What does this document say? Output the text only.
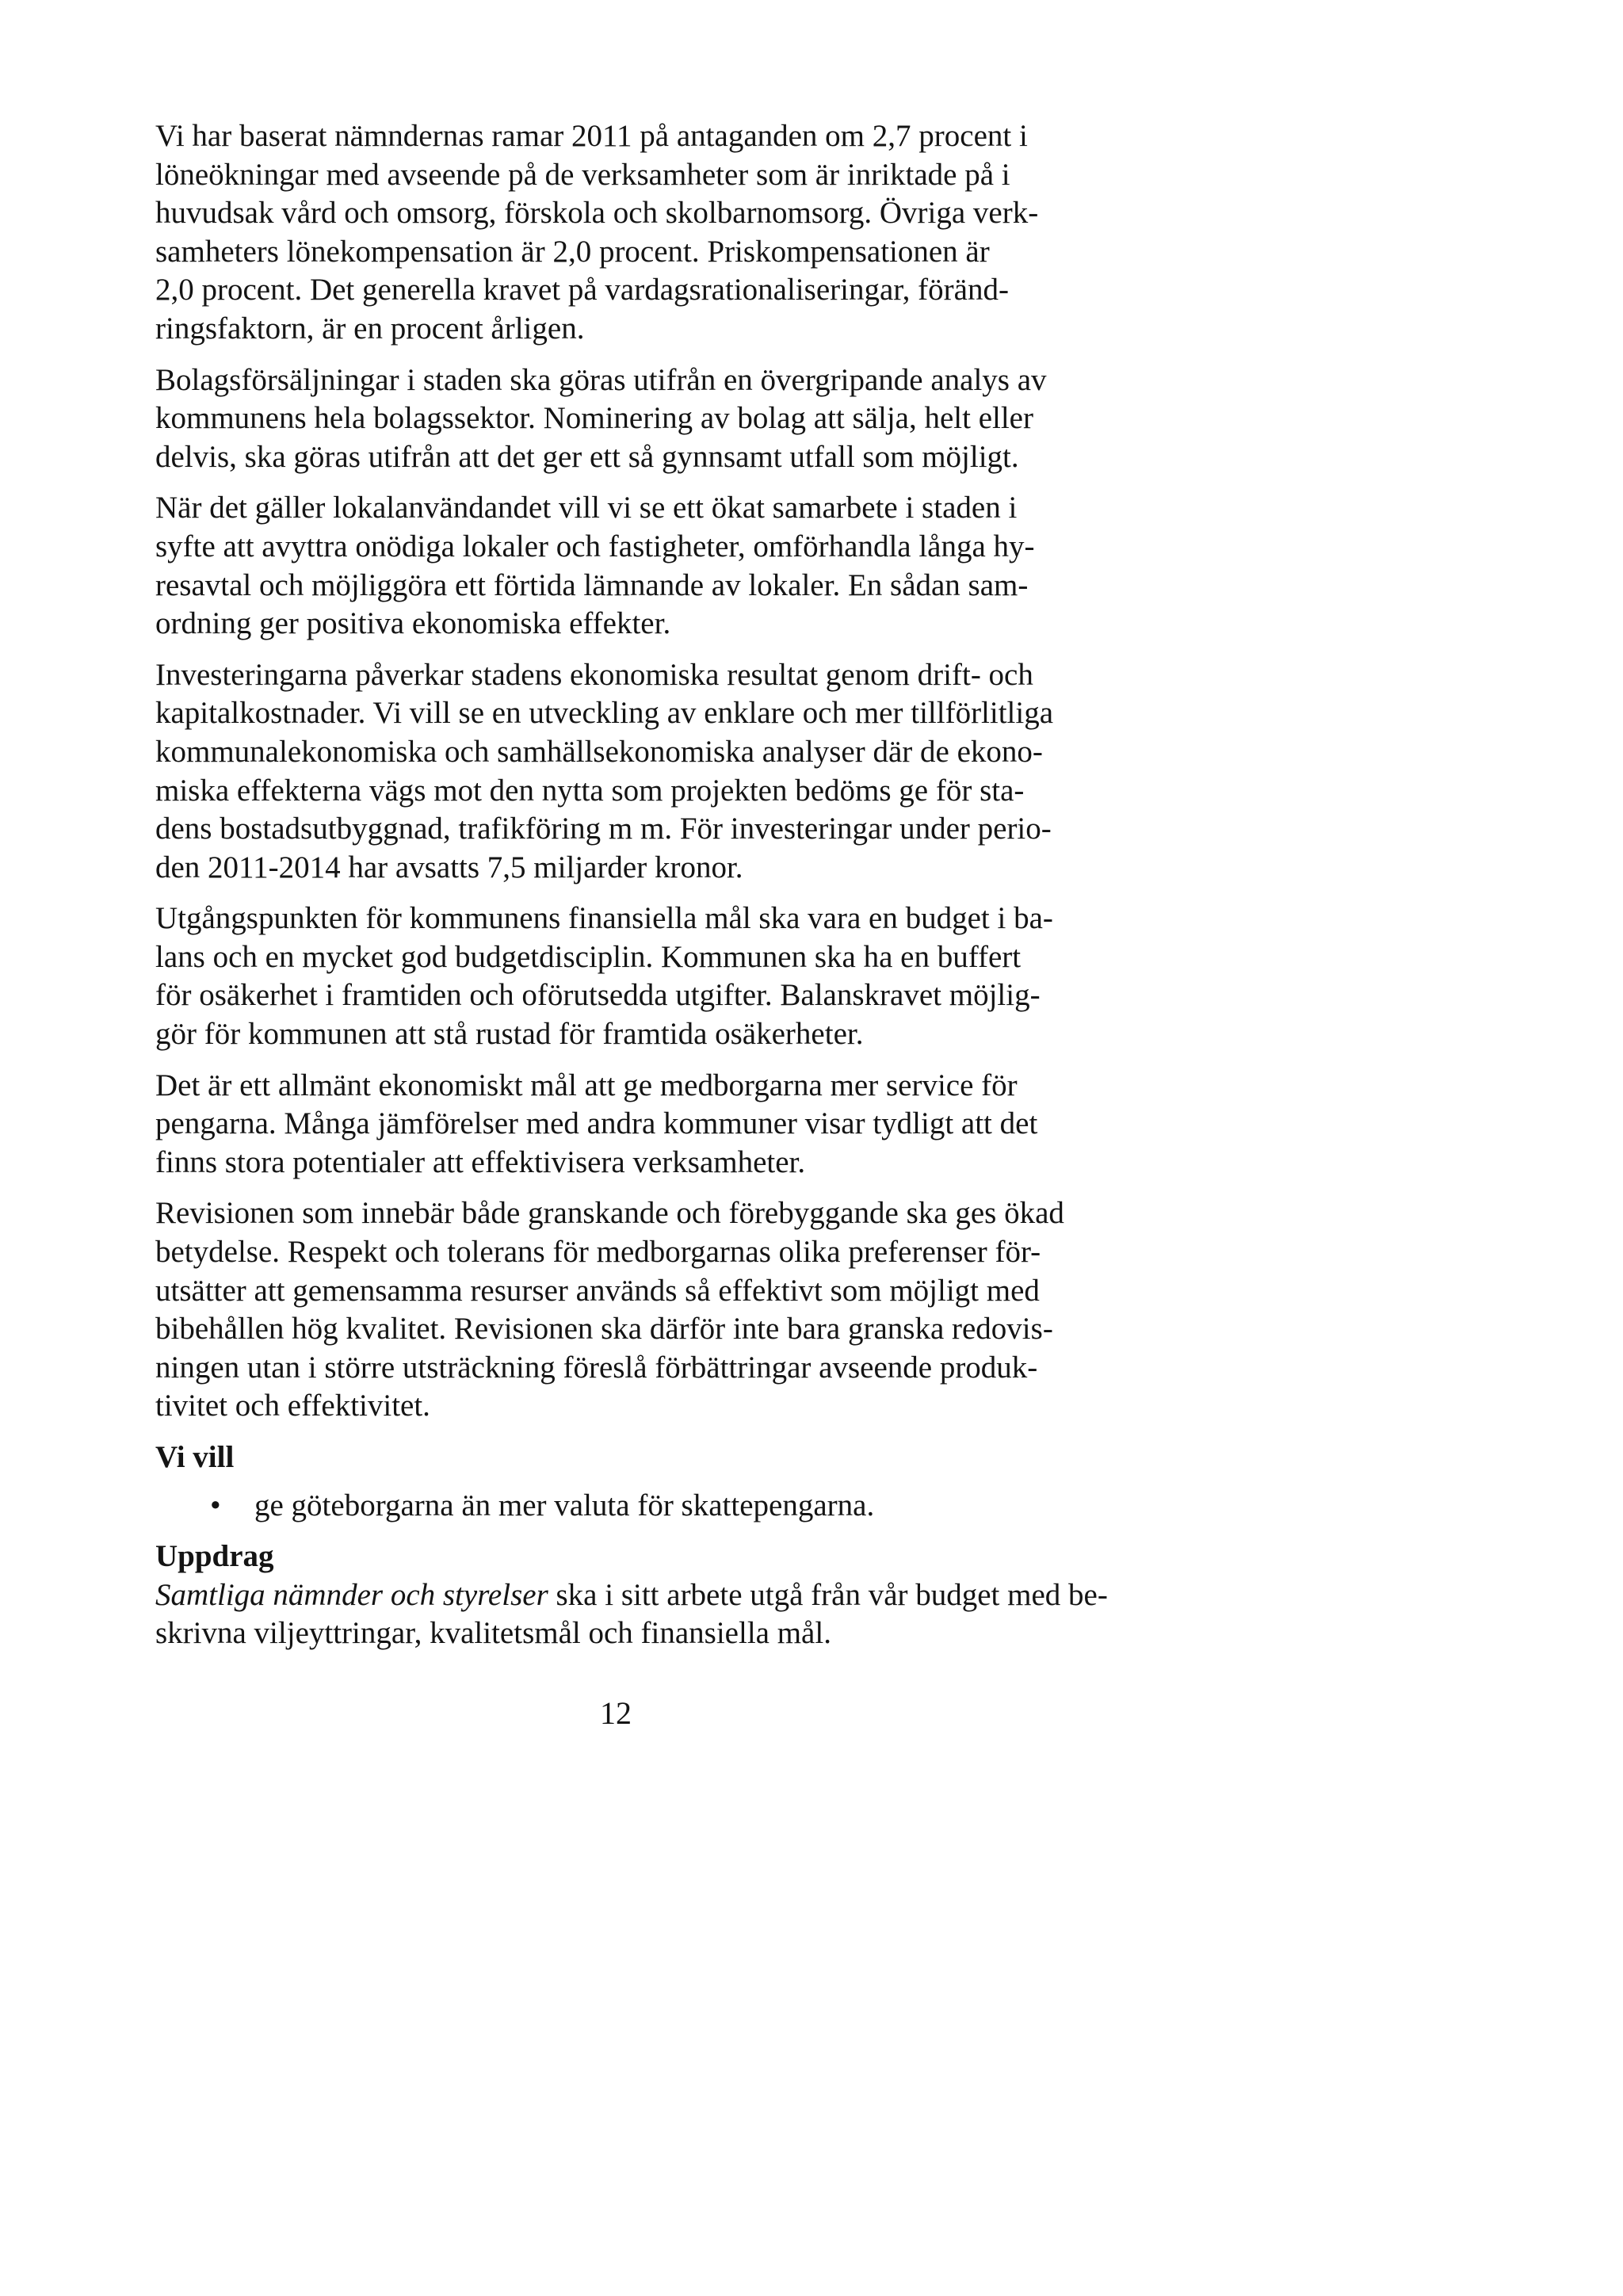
Vi har baserat nämndernas ramar 2011 på antaganden om 2,7 procent i
löneökningar med avseende på de verksamheter som är inriktade på i
huvudsak vård och omsorg, förskola och skolbarnomsorg. Övriga verk-
samheters lönekompensation är 2,0 procent. Priskompensationen är
2,0 procent. Det generella kravet på vardagsrationaliseringar, föränd-
ringsfaktorn, är en procent årligen.

Bolagsförsäljningar i staden ska göras utifrån en övergripande analys av
kommunens hela bolagssektor. Nominering av bolag att sälja, helt eller
delvis, ska göras utifrån att det ger ett så gynnsamt utfall som möjligt.

När det gäller lokalanvändandet vill vi se ett ökat samarbete i staden i
syfte att avyttra onödiga lokaler och fastigheter, omförhandla långa hy-
resavtal och möjliggöra ett förtida lämnande av lokaler. En sådan sam-
ordning ger positiva ekonomiska effekter.

Investeringarna påverkar stadens ekonomiska resultat genom drift- och
kapitalkostnader. Vi vill se en utveckling av enklare och mer tillförlitliga
kommunalekonomiska och samhällsekonomiska analyser där de ekono-
miska effekterna vägs mot den nytta som projekten bedöms ge för sta-
dens bostadsutbyggnad, trafikföring m m. För investeringar under perio-
den 2011-2014 har avsatts 7,5 miljarder kronor.

Utgångspunkten för kommunens finansiella mål ska vara en budget i ba-
lans och en mycket god budgetdisciplin. Kommunen ska ha en buffert
för osäkerhet i framtiden och oförutsedda utgifter. Balanskravet möjlig-
gör för kommunen att stå rustad för framtida osäkerheter.

Det är ett allmänt ekonomiskt mål att ge medborgarna mer service för
pengarna. Många jämförelser med andra kommuner visar tydligt att det
finns stora potentialer att effektivisera verksamheter.

Revisionen som innebär både granskande och förebyggande ska ges ökad
betydelse. Respekt och tolerans för medborgarnas olika preferenser för-
utsätter att gemensamma resurser används så effektivt som möjligt med
bibehållen hög kvalitet. Revisionen ska därför inte bara granska redovis-
ningen utan i större utsträckning föreslå förbättringar avseende produk-
tivitet och effektivitet.

Vi vill
• ge göteborgarna än mer valuta för skattepengarna.
Uppdrag

Samtliga nämnder och styrelser ska i sitt arbete utgå från vår budget med be-
skrivna viljeyttringar, kvalitetsmål och finansiella mål.

12
